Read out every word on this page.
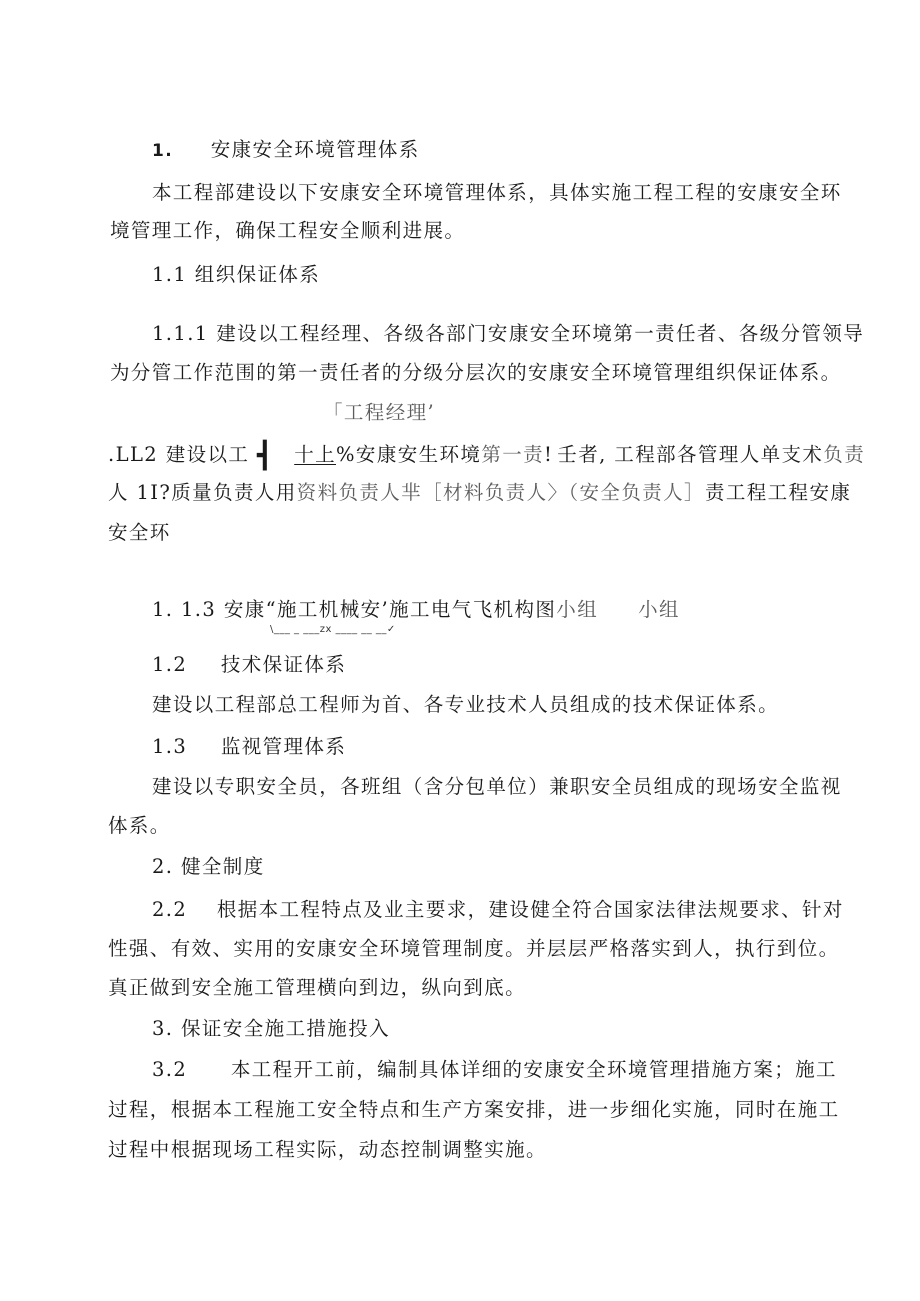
1. 安康安全环境管理体系
本工程部建设以下安康安全环境管理体系，具体实施工程工程的安康安全环
境管理工作，确保工程安全顺利进展。
1.1 组织保证体系
1.1.1 建设以工程经理、各级各部门安康安全环境第一责任者、各级分管领导
为分管工作范围的第一责任者的分级分层次的安康安全环境管理组织保证体系。
「工程经理’
.LL2 建设以工 ┫ 十上%安康安生环境第一责! 壬者, 工程部各管理人单支术负责
人 1I?质量负责人用资料负责人芈［材料负责人〉（安全负责人］责工程工程安康
安全环
1. 1.3 安康“施工机械安’施工电气飞机构图小组 小组
\___ _ ___zx ____ __ __✓
1.2 技术保证体系
建设以工程部总工程师为首、各专业技术人员组成的技术保证体系。
1.3 监视管理体系
建设以专职安全员，各班组（含分包单位）兼职安全员组成的现场安全监视
体系。
2. 健全制度
2.2 根据本工程特点及业主要求，建设健全符合国家法律法规要求、针对
性强、有效、实用的安康安全环境管理制度。并层层严格落实到人，执行到位。
真正做到安全施工管理横向到边，纵向到底。
3. 保证安全施工措施投入
3.2 本工程开工前，编制具体详细的安康安全环境管理措施方案；施工
过程，根据本工程施工安全特点和生产方案安排，进一步细化实施，同时在施工
过程中根据现场工程实际，动态控制调整实施。
